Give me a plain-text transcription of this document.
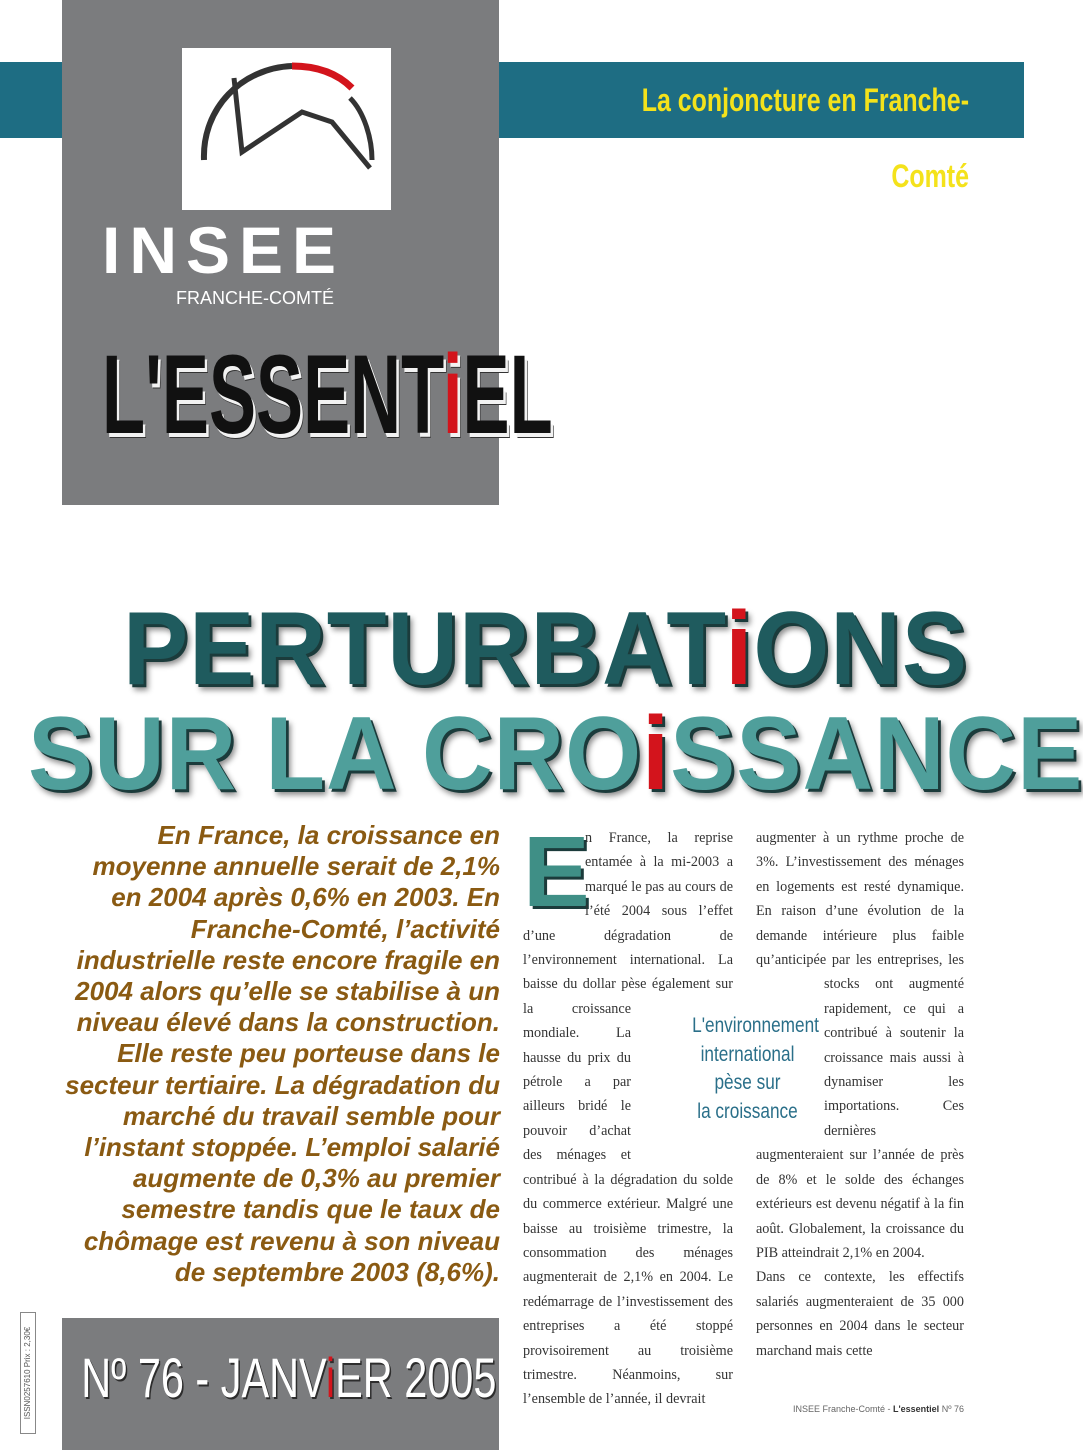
La conjoncture en Franche-Comté
INSEE
FRANCHE-COMTÉ
L'ESSENTiEL
PERTURBATiONS
SUR LA CROiSSANCE

En France, la croissance en moyenne annuelle serait de 2,1% en 2004 après 0,6% en 2003. En Franche-Comté, l’activité industrielle reste encore fragile en 2004 alors qu’elle se stabilise à un niveau élevé dans la construction. Elle reste peu porteuse dans le secteur tertiaire. La dégradation du marché du travail semble pour l’instant stoppée. L’emploi salarié augmente de 0,3% au premier semestre tandis que le taux de chômage est revenu à son niveau de septembre 2003 (8,6%).

E

n France, la reprise entamée à la mi-2003 a marqué le pas au cours de l’été 2004 sous l’effet d’une dégradation de l’environnement international. La baisse du dollar pèse également sur la croissance mondiale. La hausse du prix du pétrole a par ailleurs bridé le pouvoir d’achat des ménages et contribué à la dégradation du solde du commerce extérieur. Malgré une baisse au troisième trimestre, la consommation des ménages augmenterait de 2,1% en 2004. Le redémarrage de l’investissement des entreprises a été stoppé provisoirement au troisième trimestre. Néanmoins, sur l’ensemble de l’année, il devrait

augmenter à un rythme proche de 3%. L’investissement des ménages en logements est resté dynamique. En raison d’une évolution de la demande intérieure plus faible qu’anticipée par les entreprises, les stocks ont augmenté rapidement, ce qui a contribué à soutenir la croissance mais aussi à dynamiser les importations. Ces dernières augmenteraient sur l’année de près de 8% et le solde des échanges extérieurs est devenu négatif à la fin août. Globalement, la croissance du PIB atteindrait 2,1% en 2004.

Dans ce contexte, les effectifs salariés augmenteraient de 35 000 personnes en 2004 dans le secteur marchand mais cette

L'environnement
international
pèse sur
la croissance
ISSN0257610 Prix : 2,30€ Nº 76 - JANViER 2005	INSEE Franche-Comté - L'essentiel Nº 76
